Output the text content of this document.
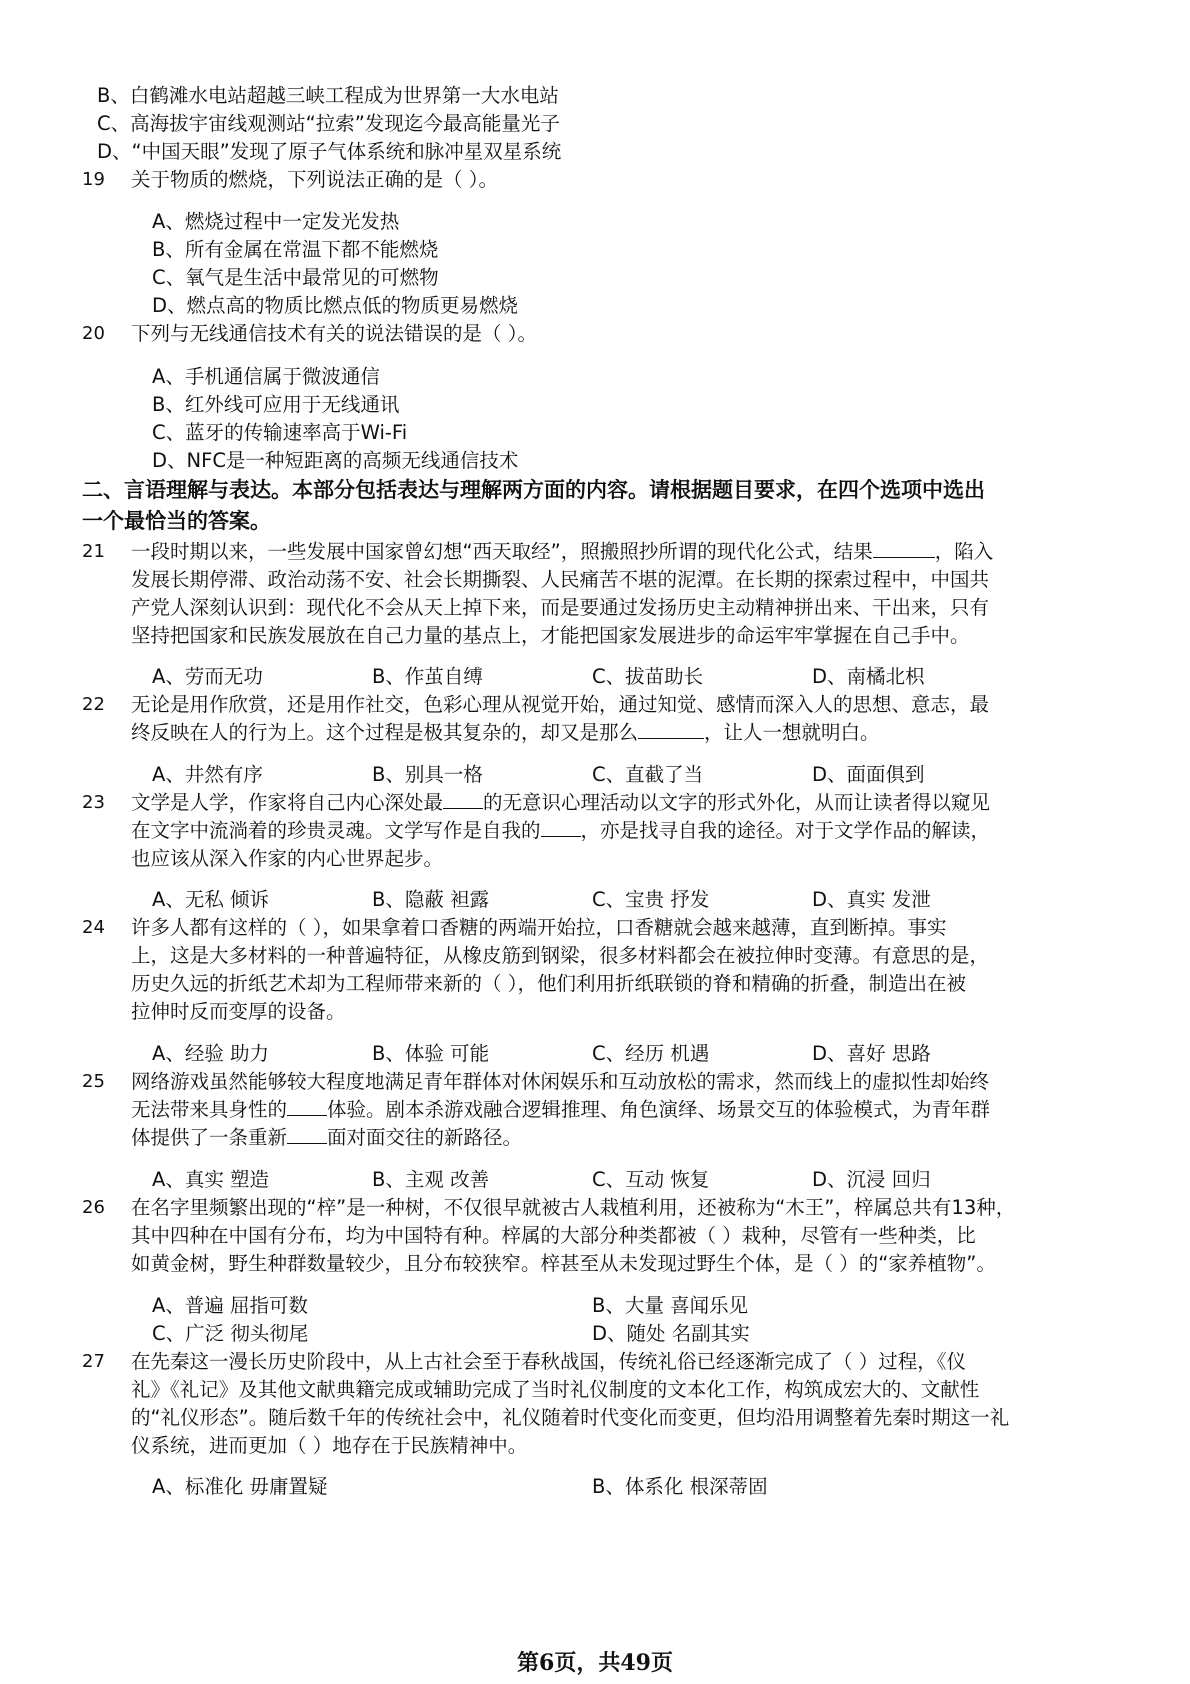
B、白鹤滩水电站超越三峡工程成为世界第一大水电站
C、高海拔宇宙线观测站“拉索”发现迄今最高能量光子
D、“中国天眼”发现了原子气体系统和脉冲星双星系统
19	关于物质的燃烧，下列说法正确的是（ ）。
A、燃烧过程中一定发光发热
B、所有金属在常温下都不能燃烧
C、氧气是生活中最常见的可燃物
D、燃点高的物质比燃点低的物质更易燃烧
20	下列与无线通信技术有关的说法错误的是（ ）。
A、手机通信属于微波通信
B、红外线可应用于无线通讯
C、蓝牙的传输速率高于Wi-Fi
D、NFC是一种短距离的高频无线通信技术
二、言语理解与表达。本部分包括表达与理解两方面的内容。请根据题目要求，在四个选项中选出
一个最恰当的答案。
21	一段时期以来，一些发展中国家曾幻想“西天取经”，照搬照抄所谓的现代化公式，结果	，陷入
发展长期停滞、政治动荡不安、社会长期撕裂、人民痛苦不堪的泥潭。在长期的探索过程中，中国共
产党人深刻认识到：现代化不会从天上掉下来，而是要通过发扬历史主动精神拼出来、干出来，只有
坚持把国家和民族发展放在自己力量的基点上，才能把国家发展进步的命运牢牢掌握在自己手中。
A、劳而无功	B、作茧自缚	C、拔苗助长	D、南橘北枳
22	无论是用作欣赏，还是用作社交，色彩心理从视觉开始，通过知觉、感情而深入人的思想、意志，最
终反映在人的行为上。这个过程是极其复杂的，却又是那么	，让人一想就明白。
A、井然有序	B、别具一格	C、直截了当	D、面面俱到
23	文学是人学，作家将自己内心深处最 的无意识心理活动以文字的形式外化，从而让读者得以窥见
在文字中流淌着的珍贵灵魂。文学写作是自我的 ，亦是找寻自我的途径。对于文学作品的解读，
也应该从深入作家的内心世界起步。
A、无私 倾诉	B、隐蔽 袒露	C、宝贵 抒发	D、真实 发泄
24	许多人都有这样的（ ），如果拿着口香糖的两端开始拉，口香糖就会越来越薄，直到断掉。事实
上，这是大多材料的一种普遍特征，从橡皮筋到钢梁，很多材料都会在被拉伸时变薄。有意思的是，
历史久远的折纸艺术却为工程师带来新的（ ），他们利用折纸联锁的脊和精确的折叠，制造出在被
拉伸时反而变厚的设备。
A、经验 助力	B、体验 可能	C、经历 机遇	D、喜好 思路
25	网络游戏虽然能够较大程度地满足青年群体对休闲娱乐和互动放松的需求，然而线上的虚拟性却始终
无法带来具身性的 体验。剧本杀游戏融合逻辑推理、角色演绎、场景交互的体验模式，为青年群
体提供了一条重新 面对面交往的新路径。
A、真实 塑造	B、主观 改善	C、互动 恢复	D、沉浸 回归
26	在名字里频繁出现的“梓”是一种树，不仅很早就被古人栽植利用，还被称为“木王”，梓属总共有13种，
其中四种在中国有分布，均为中国特有种。梓属的大部分种类都被（ ）栽种，尽管有一些种类，比
如黄金树，野生种群数量较少，且分布较狭窄。梓甚至从未发现过野生个体，是（ ）的“家养植物”。
A、普遍 屈指可数	B、大量 喜闻乐见
C、广泛 彻头彻尾	D、随处 名副其实
27	在先秦这一漫长历史阶段中，从上古社会至于春秋战国，传统礼俗已经逐渐完成了（ ）过程，《仪
礼》《礼记》及其他文献典籍完成或辅助完成了当时礼仪制度的文本化工作，构筑成宏大的、文献性
的“礼仪形态”。随后数千年的传统社会中，礼仪随着时代变化而变更，但均沿用调整着先秦时期这一礼
仪系统，进而更加（ ）地存在于民族精神中。
A、标准化 毋庸置疑	B、体系化 根深蒂固
第6页，共49页
